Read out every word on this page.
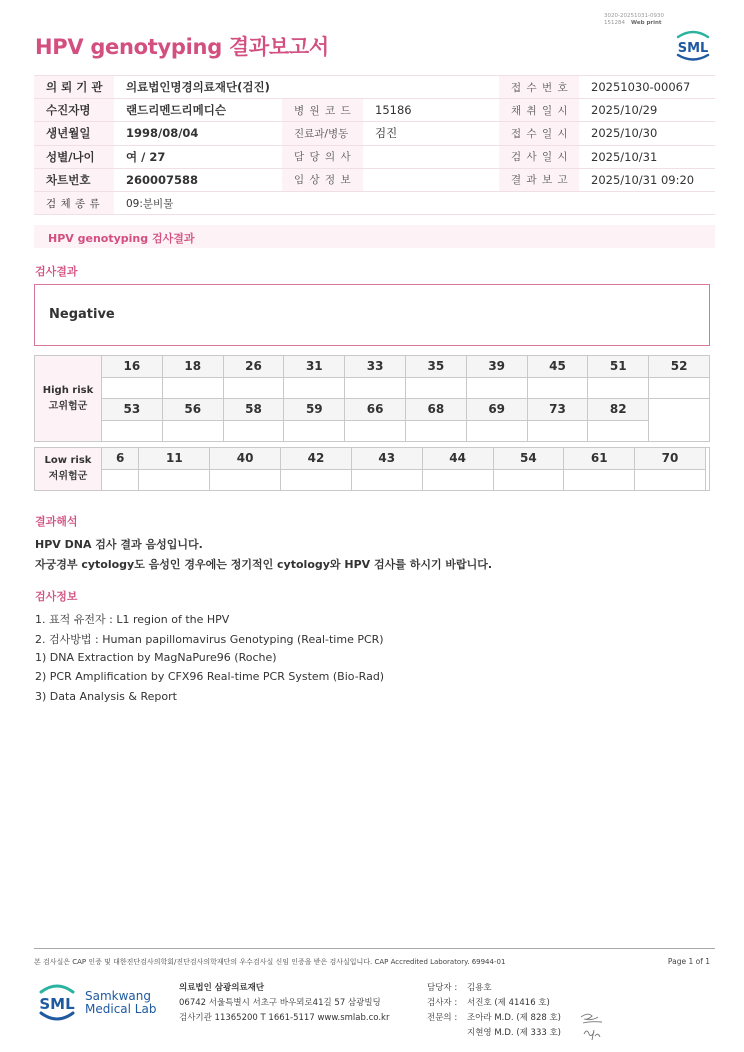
3020-20251031-0930
151284 Web print
HPV genotyping 결과보고서	SML
의 뢰 기 관	의료법인명경의료재단(검진)			접 수 번 호	20251030-00067
수진자명	랜드리멘드리메디슨	병 원 코 드	15186	채 취 일 시	2025/10/29
생년월일	1998/08/04	진료과/병동	검진	접 수 일 시	2025/10/30
성별/나이	여 / 27	담 당 의 사		검 사 일 시	2025/10/31
차트번호	260007588	임 상 정 보		결 과 보 고	2025/10/31 09:20
검 체 종 류	09:분비물				
HPV genotyping 검사결과
검사결과
Negative
High risk
고위험군	16	18	26	31	33	35	39	45	51	52

	53	56	58	59	66	68	69	73	82	

Low risk
저위험군	6	11	40	42	43	44	54	61	70	

결과해석
HPV DNA 검사 결과 음성입니다.
자궁경부 cytology도 음성인 경우에는 정기적인 cytology와 HPV 검사를 하시기 바랍니다.
검사정보
1. 표적 유전자 : L1 region of the HPV
2. 검사방법 : Human papillomavirus Genotyping (Real-time PCR)
1) DNA Extraction by MagNaPure96 (Roche)
2) PCR Amplification by CFX96 Real-time PCR System (Bio-Rad)
3) Data Analysis & Report
본 검사실은 CAP 인증 및 대한진단검사의학회/진단검사의학재단의 우수검사실 신임 인증을 받은 검사실입니다. CAP Accredited Laboratory. 69944-01	Page 1 of 1
SML Samkwang
Medical Lab
의료법인 삼광의료재단
06742 서울특별시 서초구 바우뫼로41길 57 삼광빌딩
검사기관 11365200 T 1661-5117 www.smlab.co.kr
담당자 :	김용호
검사자 :	서진호 (제 41416 호)
전문의 :	조아라 M.D. (제 828 호)
지현영 M.D. (제 333 호)
